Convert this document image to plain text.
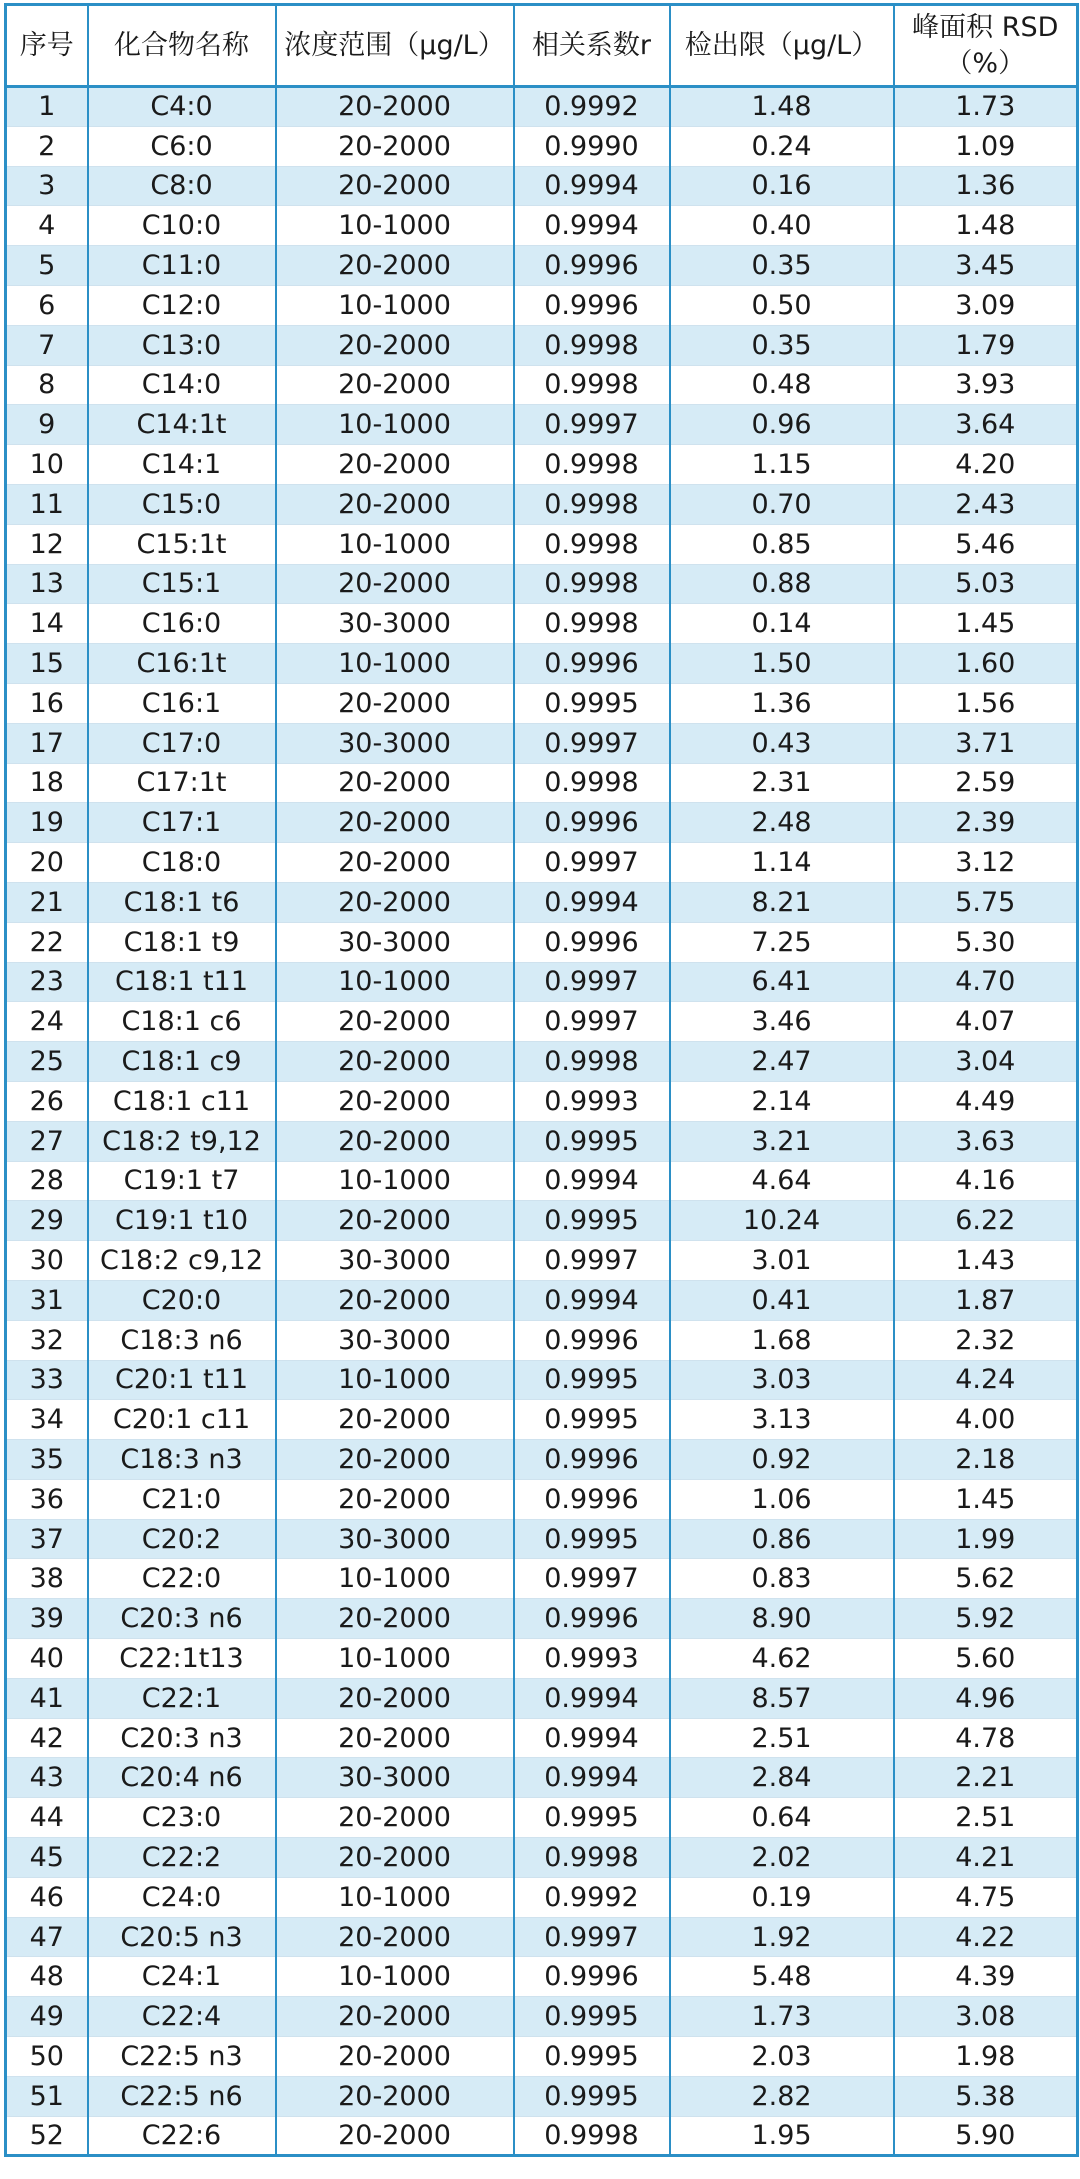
序号	化合物名称	浓度范围（μg/L）	相关系数r	检出限（μg/L）	峰面积 RSD（%）
1	C4:0	20-2000	0.9992	1.48	1.73
2	C6:0	20-2000	0.9990	0.24	1.09
3	C8:0	20-2000	0.9994	0.16	1.36
4	C10:0	10-1000	0.9994	0.40	1.48
5	C11:0	20-2000	0.9996	0.35	3.45
6	C12:0	10-1000	0.9996	0.50	3.09
7	C13:0	20-2000	0.9998	0.35	1.79
8	C14:0	20-2000	0.9998	0.48	3.93
9	C14:1t	10-1000	0.9997	0.96	3.64
10	C14:1	20-2000	0.9998	1.15	4.20
11	C15:0	20-2000	0.9998	0.70	2.43
12	C15:1t	10-1000	0.9998	0.85	5.46
13	C15:1	20-2000	0.9998	0.88	5.03
14	C16:0	30-3000	0.9998	0.14	1.45
15	C16:1t	10-1000	0.9996	1.50	1.60
16	C16:1	20-2000	0.9995	1.36	1.56
17	C17:0	30-3000	0.9997	0.43	3.71
18	C17:1t	20-2000	0.9998	2.31	2.59
19	C17:1	20-2000	0.9996	2.48	2.39
20	C18:0	20-2000	0.9997	1.14	3.12
21	C18:1 t6	20-2000	0.9994	8.21	5.75
22	C18:1 t9	30-3000	0.9996	7.25	5.30
23	C18:1 t11	10-1000	0.9997	6.41	4.70
24	C18:1 c6	20-2000	0.9997	3.46	4.07
25	C18:1 c9	20-2000	0.9998	2.47	3.04
26	C18:1 c11	20-2000	0.9993	2.14	4.49
27	C18:2 t9,12	20-2000	0.9995	3.21	3.63
28	C19:1 t7	10-1000	0.9994	4.64	4.16
29	C19:1 t10	20-2000	0.9995	10.24	6.22
30	C18:2 c9,12	30-3000	0.9997	3.01	1.43
31	C20:0	20-2000	0.9994	0.41	1.87
32	C18:3 n6	30-3000	0.9996	1.68	2.32
33	C20:1 t11	10-1000	0.9995	3.03	4.24
34	C20:1 c11	20-2000	0.9995	3.13	4.00
35	C18:3 n3	20-2000	0.9996	0.92	2.18
36	C21:0	20-2000	0.9996	1.06	1.45
37	C20:2	30-3000	0.9995	0.86	1.99
38	C22:0	10-1000	0.9997	0.83	5.62
39	C20:3 n6	20-2000	0.9996	8.90	5.92
40	C22:1t13	10-1000	0.9993	4.62	5.60
41	C22:1	20-2000	0.9994	8.57	4.96
42	C20:3 n3	20-2000	0.9994	2.51	4.78
43	C20:4 n6	30-3000	0.9994	2.84	2.21
44	C23:0	20-2000	0.9995	0.64	2.51
45	C22:2	20-2000	0.9998	2.02	4.21
46	C24:0	10-1000	0.9992	0.19	4.75
47	C20:5 n3	20-2000	0.9997	1.92	4.22
48	C24:1	10-1000	0.9996	5.48	4.39
49	C22:4	20-2000	0.9995	1.73	3.08
50	C22:5 n3	20-2000	0.9995	2.03	1.98
51	C22:5 n6	20-2000	0.9995	2.82	5.38
52	C22:6	20-2000	0.9998	1.95	5.90
